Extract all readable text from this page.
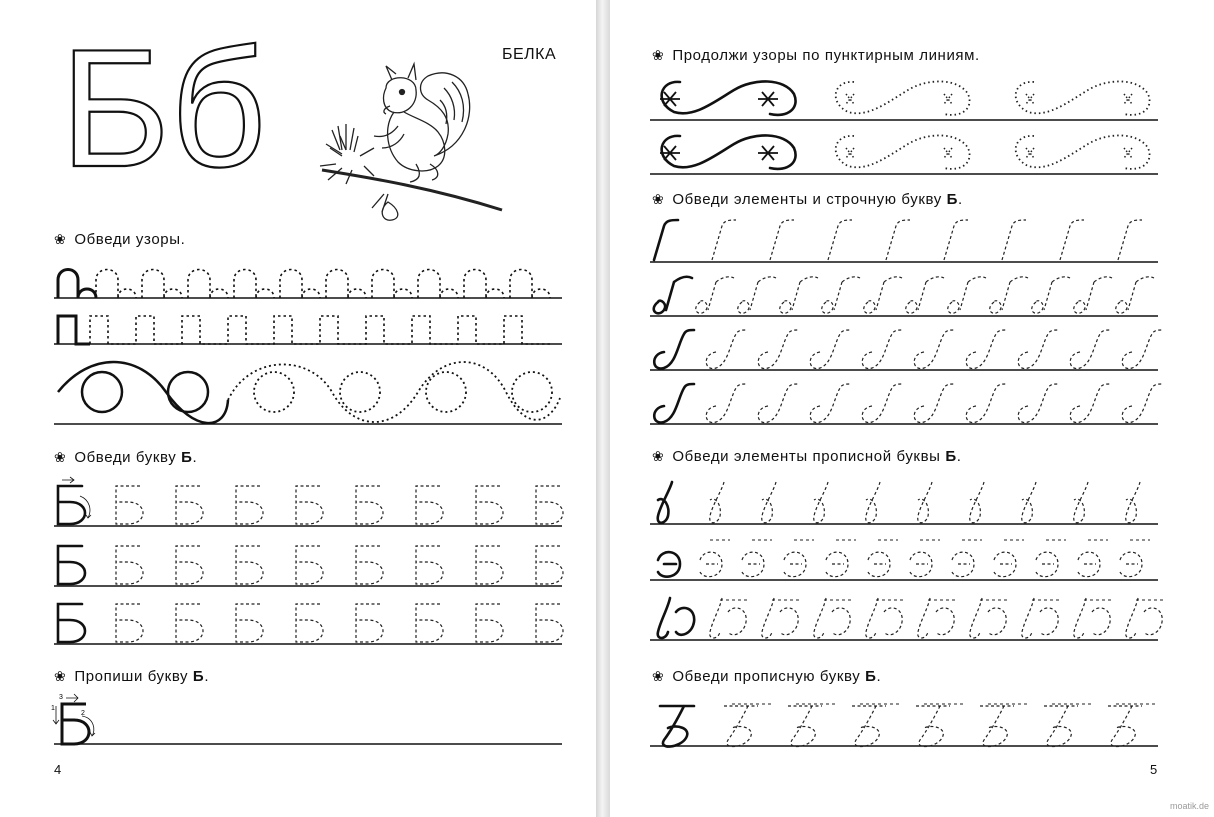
Бб	БЕЛКА
❀ Обведи узоры.
❀ Обведи букву Б.
❀ Пропиши букву Б.
3
1
2
4
❀ Продолжи узоры по пунктирным линиям.
❀ Обведи элементы и строчную букву Б.
❀ Обведи элементы прописной буквы Б.
❀ Обведи прописную букву Б.
5
moatik.de
